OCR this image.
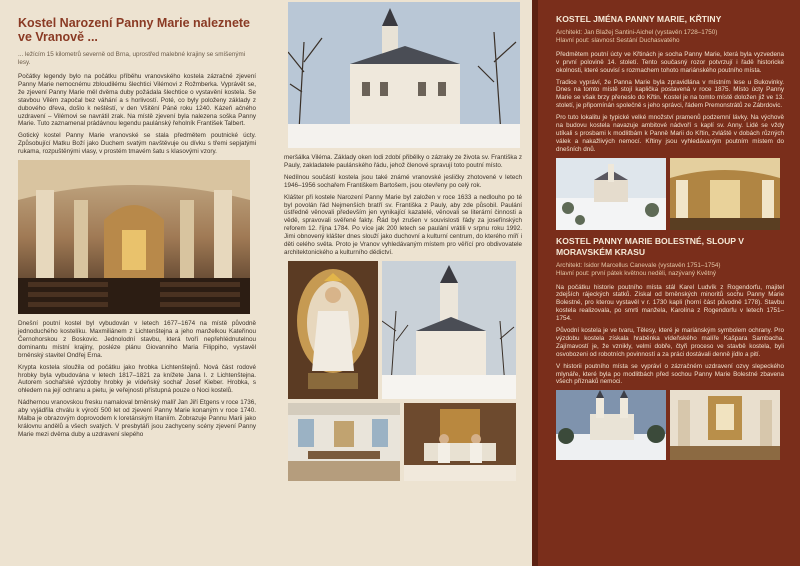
Kostel Narození Panny Marie naleznete ve Vranově ...
... ležícím 15 kilometrů severně od Brna, uprostřed malebné krajiny se smíšenými lesy.

Počátky legendy bylo na počátku příběhu vranovského kostela zázračné zjevení Panny Marie nemocnému zbloudilému šlechtici Vilémovi z Rožmberka. Vyprávět se, že zjevení Panny Marie měl dvěma duby požádala šlechtice o vystavění kostela. Se stavbou Vilém započal bez váhání a s horlivostí. Poté, co byly položeny základy z dubového dřeva, došlo k neštěstí, v den Všitění Páně roku 1240. Kázeň ačného uzdravení – Vilémovi se navrátil zrak. Na místě zjevení byla nalezena soška Panny Marie. Tuto zaznamenal prádávnou legendu paulánský řeholník František Talbert.

Gotický kostel Panny Marie vranovské se stala předmětem poutnické úcty. Způsobující Matku Boží jako Duchem svatým navštěvuje ou dívku s třemi sepjatými rukama, rozpuštěnými vlasy, v prostém tmavém šatu s klasovými vzory.

Dnešní poutní kostel byl vybudován v letech 1677–1674 na místě původně jednoduchého kostelíku. Maxmiliánem z Lichtenštejna a jeho manželkou Kateřinou Černohorskou z Boskovic. Jednolodní stavbu, která tvoří nepřehlédnutelnou dominantu místní krajiny, posléze plánu Giovanniho Maria Filippiho, vystavěl brněnský stavitel Ondřej Erna.

Krypta kostela sloužila od počátku jako hrobka Lichtenštejnů. Nová část rodové hrobky byla vybudována v letech 1817–1821 za knížete Jana I. z Lichtenštejna. Autorem sochařské výzdoby hrobky je vídeňský sochař Josef Kieber. Hrobka, s ohledem na její ochranu a pietu, je veřejnosti přístupná pouze o Noci kostelů.

Nádhernou vranovskou fresku namaloval brněnský malíř Jan Jiří Etgens v roce 1736, aby vyjádřila chválu k výročí 500 let od zjevení Panny Marie konaným v roce 1740. Malba je obrazovým doprovodem k loretánským litaniím. Zobrazuje Pannu Marii jako královnu andělů a všech svatých. V presbytáři jsou zachyceny scény zjevení Panny Marie mezi dvěma duby a uzdravení slepého

meršálka Viléma. Základy oken lodi zdobí přibělky o zázraky ze života sv. Františka z Pauly, zakladatele paulánského řádu, jehož členové spravují toto poutní místo.

Nedílnou součástí kostela jsou také známé vranovské jesličky zhotovené v letech 1946–1956 sochařem Františkem Bartošem, jsou otevřeny po celý rok.

Klášter při kostele Narození Panny Marie byl založen v roce 1633 a nedlouho po té byl povolán řád Nejmenších bratří sv. Františka z Pauly, aby zde působil. Paulání ústředně věnovali především jen vynikající kazatelé, věnovali se literární činnosti a vědě, spravovali svěřené fakty. Řád byl zrušen v souvislosti řády za josefínských reforem 12. října 1784. Po více jak 200 letech se paulání vrátili v srpnu roku 1992. Jimi obnovený klášter dnes slouží jako duchovní a kulturní centrum, do kterého míří i děti celého světa. Proto je Vranov vyhledávaným místem pro věřící pro obdivovatele architektonického a kulturního dědictví.

KOSTEL JMÉNA PANNY MARIE, KŘTINY
Architekt: Jan Blažej Santini-Aichel (vystavěn 1728–1750)
Hlavní pout: slavnost Sestání Duchasvatého

Předmětem poutní úcty ve Křtinách je socha Panny Marie, která byla vyzvedena v první polovině 14. století. Tento současný rozor potvrzují i řadě historické okolnosti, které souvisí s rozmachem tohoto mariánského poutního místa.

Tradice vypráví, že Panna Marie byla zpravidlána v místním lese u Bukovinky. Dnes na tomto místě stojí kaplička postavená v roce 1875. Místo úcty Panny Marie se však brzy přeneslo do Křtin. Kostel je na tomto místě doložen již ve 13. století, je připomínán společně s jeho správci, řádem Premonstrátů ze Zábrdovic.

Pro tuto lokalitu je typické velké množství pramenů podzemní lávky. Na výchově na budovu kostela navazuje ambitové nádvoří s kaplí sv. Anny. Lidé se vždy utíkali s prosbami k modlitbám k Panně Marii do Křtin, zvláště v dobách různých válek a nakažlivých nemocí. Křtiny jsou vyhledávaným poutním místem do dnešních dnů.

KOSTEL PANNY MARIE BOLESTNÉ, SLOUP V MORAVSKÉM KRASU
Architekt: Isidor Marcellus Canevale (vystavěn 1751–1754)
Hlavní pout: první pátek květnou neděli, nazývaný Květný

Na počátku historie poutního místa stál Karel Ludvík z Rogendorfu, majitel zdejších rájeckých statků. Získal od brněnských minoritů sochu Panny Marie Bolestné, pro kterou vystavěl v r. 1730 kapli (horní část původně 1778). Stavbu kostela realizovala, po smrti manžela, Karolína z Rogendorfu v letech 1751–1754.

Původní kostela je ve tvaru, Tělesy, které je mariánským symbolem ochrany. Pro výzdobu kostela získala hraběnka vídeňského malíře Kašpara Sambacha. Zajímavostí je, že vznikly, velmi dobře, čtyři proceso ve stavbě kostela, byli osvobozeni od robotních povinností a za práci dostávali denně jídlo a pití.

V historii poutního místa se vypráví o zázračném uzdravení ozvy slepeckého mlynáře, které byla po modlitbách před sochou Panny Marie Bolestné zbavena všech příznaků nemoci.
